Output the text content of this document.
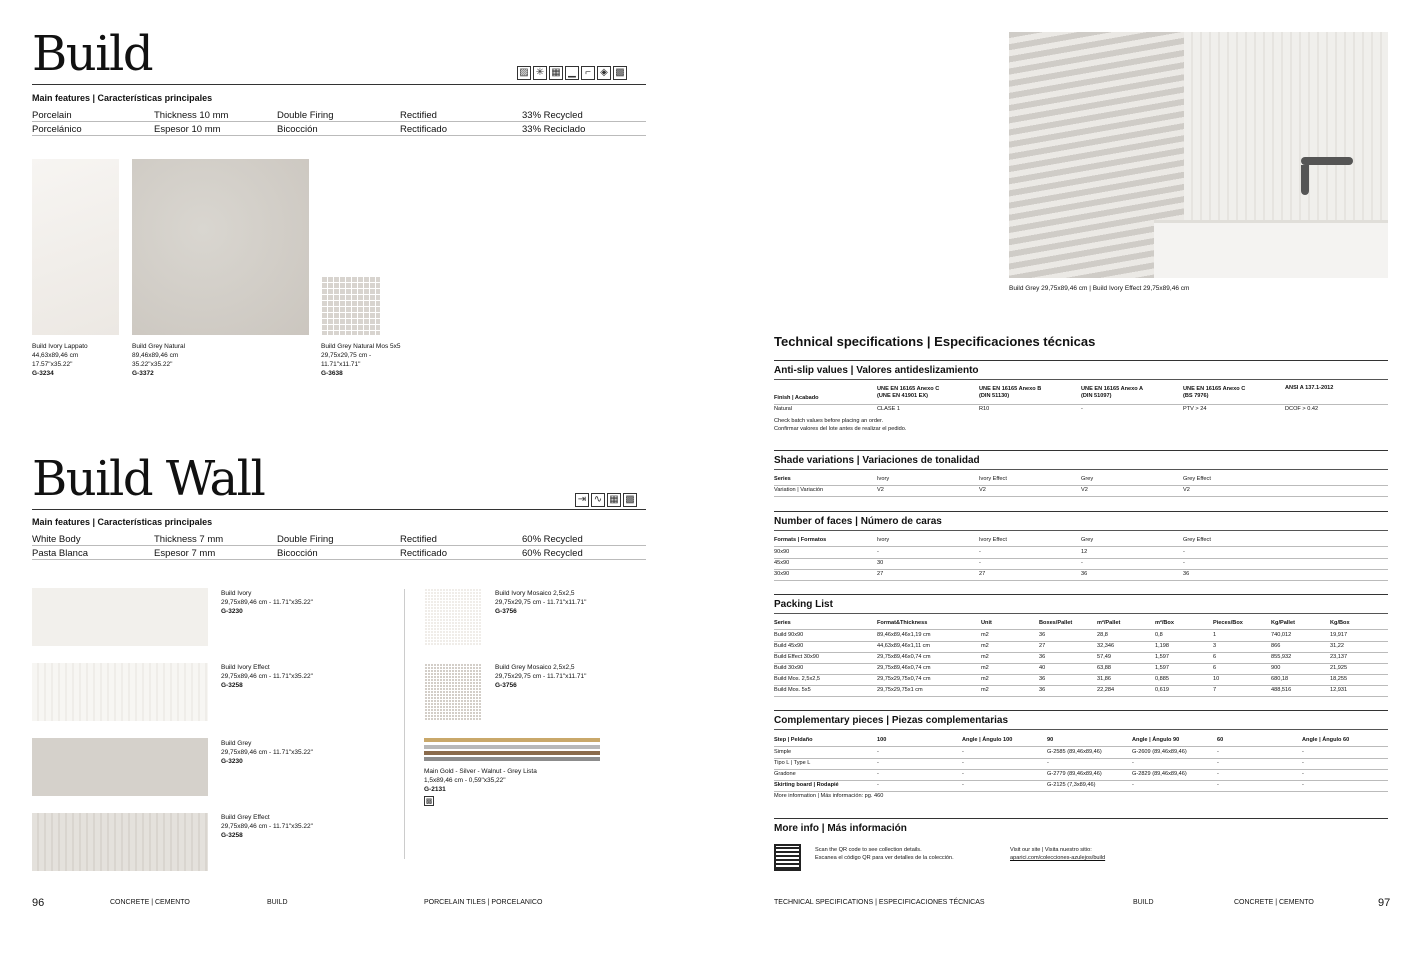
Build	▨ ✳ ▦ ▁ ⌐ ◈ ▩
Main features | Características principales
Porcelain	Thickness 10 mm	Double Firing	Rectified	33% Recycled
Porcelánico	Espesor 10 mm	Bicocción	Rectificado	33% Reciclado
Build Ivory Lappato
44,63x89,46 cm
17.57"x35.22"
G-3234
Build Grey Natural
89,46x89,46 cm
35.22"x35.22"
G-3372
Build Grey Natural Mos 5x5
29,75x29,75 cm -
11.71"x11.71"
G-3638
Build Wall	⇥ ∿ ▦ ▩
Main features | Características principales
White Body	Thickness 7 mm	Double Firing	Rectified	60% Recycled
Pasta Blanca	Espesor 7 mm	Bicocción	Rectificado	60% Recycled
Build Ivory
29,75x89,46 cm - 11.71"x35.22"
G-3230
Build Ivory Effect
29,75x89,46 cm - 11.71"x35.22"
G-3258
Build Grey
29,75x89,46 cm - 11.71"x35.22"
G-3230
Build Grey Effect
29,75x89,46 cm - 11.71"x35.22"
G-3258
Build Ivory Mosaico 2,5x2,5
29,75x29,75 cm - 11.71"x11.71"
G-3756
Build Grey Mosaico 2,5x2,5
29,75x29,75 cm - 11.71"x11.71"
G-3756
Main Gold - Silver - Walnut - Grey Lista
1,5x89,46 cm - 0,59"x35,22"
G-2131
▩
96	CONCRETE | CEMENTO	BUILD	PORCELAIN TILES | PORCELANICO
Build Grey 29,75x89,46 cm | Build Ivory Effect 29,75x89,46 cm
Technical specifications | Especificaciones técnicas
Anti-slip values | Valores antideslizamiento
Finish | Acabado
UNE EN 16165 Anexo C
(UNE EN 41901 EX)
UNE EN 16165 Anexo B
(DIN 51130)
UNE EN 16165 Anexo A
(DIN 51097)
UNE EN 16165 Anexo C
(BS 7976)
ANSI A 137.1-2012
Natural	CLASE 1	R10	-	PTV > 24	DCOF > 0.42
Check batch values before placing an order.
Confirmar valores del lote antes de realizar el pedido.
Shade variations | Variaciones de tonalidad
Series	Ivory	Ivory Effect	Grey	Grey Effect
Variation | Variación	V2	V2	V2	V2
Number of faces | Número de caras
Formats | Formatos	Ivory	Ivory Effect	Grey	Grey Effect
90x90	-	-	12	-
45x90	30	-	-	-
30x90	27	27	36	36
Packing List
Series	Format&Thickness	Unit	Boxes/Pallet	m²/Pallet	m²/Box	Pieces/Box	Kg/Pallet	Kg/Box
Build 90x90	89,46x89,46x1,19 cm	m2	36	28,8	0,8	1	740,012	19,917
Build 45x90	44,63x89,46x1,11 cm	m2	27	32,346	1,198	3	866	31,22
Build Effect 30x90	29,75x89,46x0,74 cm	m2	36	57,49	1,597	6	855,932	23,137
Build 30x90	29,75x89,46x0,74 cm	m2	40	63,88	1,597	6	900	21,925
Build Mos. 2,5x2,5	29,75x29,75x0,74 cm	m2	36	31,86	0,885	10	680,18	18,255
Build Mos. 5x5	29,75x29,75x1 cm	m2	36	22,284	0,619	7	488,516	12,931
Complementary pieces | Piezas complementarias
Step | Peldaño	100	Angle | Ángulo 100	90	Angle | Ángulo 90	60	Angle | Ángulo 60
Simple	-	-	G-2585 (89,46x89,46)	G-2609 (89,46x89,46)	-	-
Tipo L | Type L	-	-	-	-	-	-
Gradone	-	-	G-2779 (89,46x89,46)	G-2829 (89,46x89,46)	-	-
Skirting board | Rodapié	-	-	G-2125 (7,3x89,46)	-	-	-
More information | Más información: pg. 460
More info | Más información
Scan the QR code to see collection details.
Escanea el código QR para ver detalles de la colección.
Visit our site | Visita nuestro sitio:
aparici.com/colecciones-azulejos/build
TECHNICAL SPECIFICATIONS | ESPECIFICACIONES TÉCNICAS	BUILD	CONCRETE | CEMENTO	97
